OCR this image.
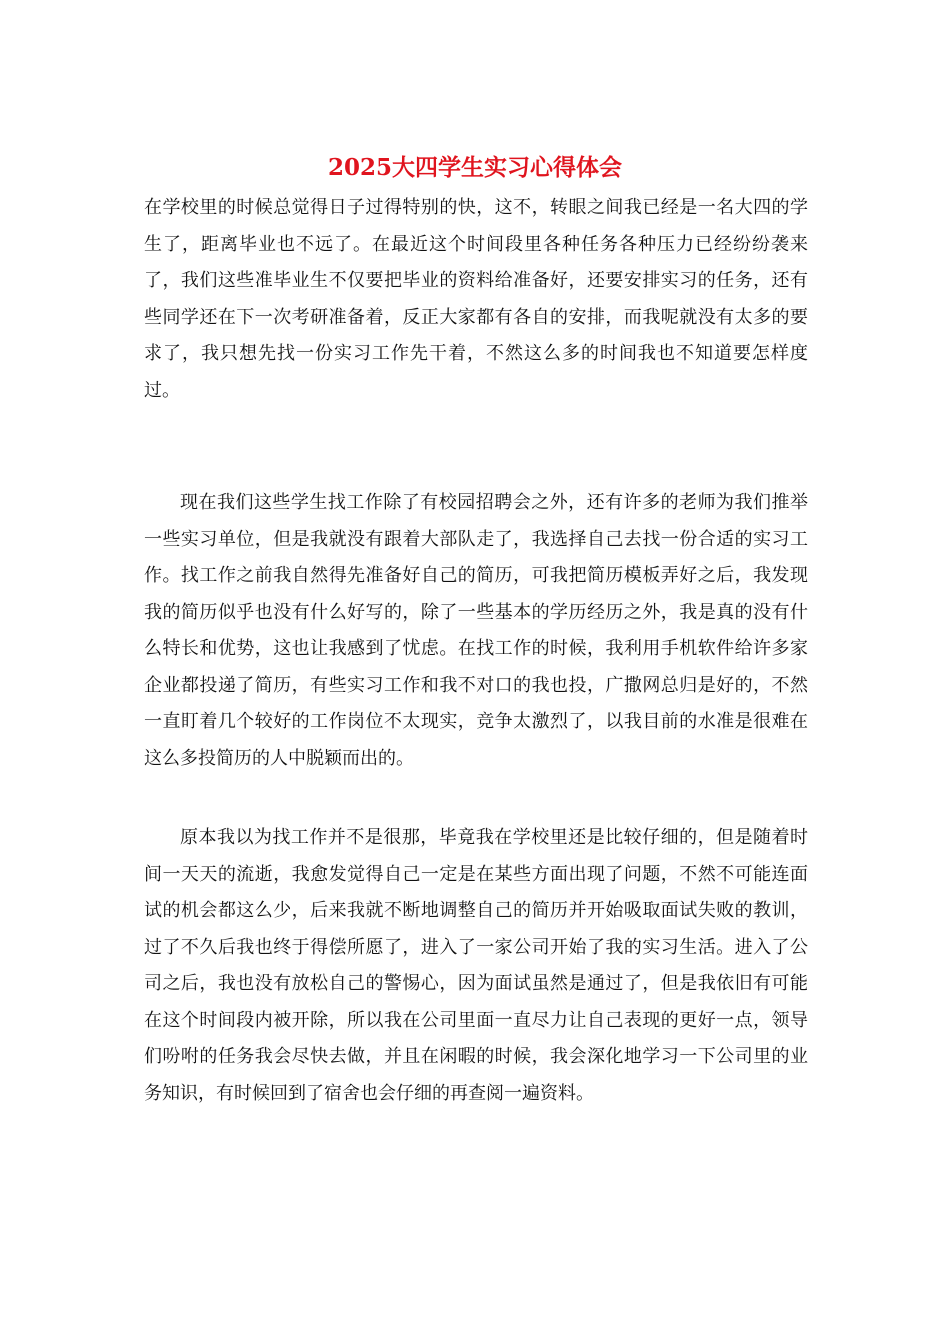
2025大四学生实习心得体会

在学校里的时候总觉得日子过得特别的快，这不，转眼之间我已经是一名大四的学生了，距离毕业也不远了。在最近这个时间段里各种任务各种压力已经纷纷袭来了，我们这些准毕业生不仅要把毕业的资料给准备好，还要安排实习的任务，还有些同学还在下一次考研准备着，反正大家都有各自的安排，而我呢就没有太多的要求了，我只想先找一份实习工作先干着，不然这么多的时间我也不知道要怎样度过。

现在我们这些学生找工作除了有校园招聘会之外，还有许多的老师为我们推举一些实习单位，但是我就没有跟着大部队走了，我选择自己去找一份合适的实习工作。找工作之前我自然得先准备好自己的简历，可我把简历模板弄好之后，我发现我的简历似乎也没有什么好写的，除了一些基本的学历经历之外，我是真的没有什么特长和优势，这也让我感到了忧虑。在找工作的时候，我利用手机软件给许多家企业都投递了简历，有些实习工作和我不对口的我也投，广撒网总归是好的，不然一直盯着几个较好的工作岗位不太现实，竞争太激烈了，以我目前的水准是很难在这么多投简历的人中脱颖而出的。

原本我以为找工作并不是很那，毕竟我在学校里还是比较仔细的，但是随着时间一天天的流逝，我愈发觉得自己一定是在某些方面出现了问题，不然不可能连面试的机会都这么少，后来我就不断地调整自己的简历并开始吸取面试失败的教训，过了不久后我也终于得偿所愿了，进入了一家公司开始了我的实习生活。进入了公司之后，我也没有放松自己的警惕心，因为面试虽然是通过了，但是我依旧有可能在这个时间段内被开除，所以我在公司里面一直尽力让自己表现的更好一点，领导们吩咐的任务我会尽快去做，并且在闲暇的时候，我会深化地学习一下公司里的业务知识，有时候回到了宿舍也会仔细的再查阅一遍资料。
